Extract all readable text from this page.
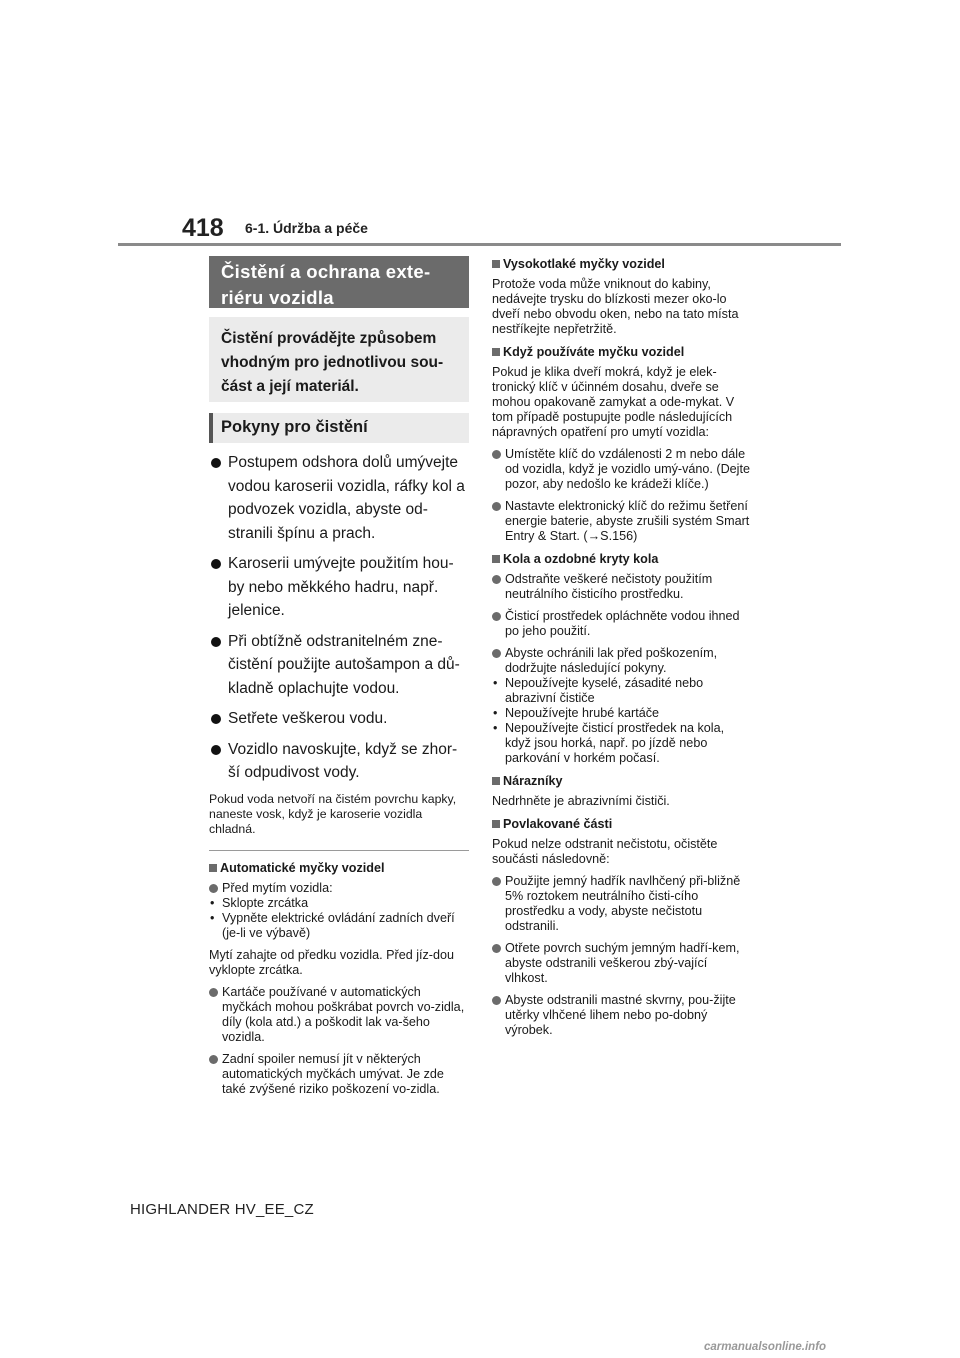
418 6-1. Údržba a péče
Čistění a ochrana exte-riéru vozidla
Čistění provádějte způsobem vhodným pro jednotlivou sou-část a její materiál.
Pokyny pro čistění
Postupem odshora dolů umývejte vodou karoserii vozidla, ráfky kol a podvozek vozidla, abyste od-stranili špínu a prach.
Karoserii umývejte použitím hou-by nebo měkkého hadru, např. jelenice.
Při obtížně odstranitelném zne-čistění použijte autošampon a dů-kladně oplachujte vodou.
Setřete veškerou vodu.
Vozidlo navoskujte, když se zhor-ší odpudivost vody.
Pokud voda netvoří na čistém povrchu kapky, naneste vosk, když je karoserie vozidla chladná.
Automatické myčky vozidel
Před mytím vozidla:
• Sklopte zrcátka
• Vypněte elektrické ovládání zadních dveří (je-li ve výbavě)
Mytí zahajte od předku vozidla. Před jíz-dou vyklopte zrcátka.
Kartáče používané v automatických myčkách mohou poškrábat povrch vo-zidla, díly (kola atd.) a poškodit lak va-šeho vozidla.
Zadní spoiler nemusí jít v některých automatických myčkách umývat. Je zde také zvýšené riziko poškození vo-zidla.
Vysokotlaké myčky vozidel
Protože voda může vniknout do kabiny, nedávejte trysku do blízkosti mezer oko-lo dveří nebo obvodu oken, nebo na tato místa nestříkejte nepřetržitě.
Když používáte myčku vozidel
Pokud je klika dveří mokrá, když je elek-tronický klíč v účinném dosahu, dveře se mohou opakovaně zamykat a ode-mykat. V tom případě postupujte podle následujících nápravných opatření pro umytí vozidla:
Umístěte klíč do vzdálenosti 2 m nebo dále od vozidla, když je vozidlo umý-váno. (Dejte pozor, aby nedošlo ke krádeži klíče.)
Nastavte elektronický klíč do režimu šetření energie baterie, abyste zrušili systém Smart Entry & Start. (→S.156)
Kola a ozdobné kryty kola
Odstraňte veškeré nečistoty použitím neutrálního čisticího prostředku.
Čisticí prostředek opláchněte vodou ihned po jeho použití.
Abyste ochránili lak před poškozením, dodržujte následující pokyny.
• Nepoužívejte kyselé, zásadité nebo abrazivní čističe
• Nepoužívejte hrubé kartáče
• Nepoužívejte čisticí prostředek na kola, když jsou horká, např. po jízdě nebo parkování v horkém počasí.
Nárazníky
Nedrhněte je abrazivními čističi.
Povlakované části
Pokud nelze odstranit nečistotu, očistěte součásti následovně:
Použijte jemný hadřík navlhčený při-bližně 5% roztokem neutrálního čisti-cího prostředku a vody, abyste nečistotu odstranili.
Otřete povrch suchým jemným hadří-kem, abyste odstranili veškerou zbý-vající vlhkost.
Abyste odstranili mastné skvrny, pou-žijte utěrky vlhčené lihem nebo po-dobný výrobek.
HIGHLANDER HV_EE_CZ
carmanualsonline.info
